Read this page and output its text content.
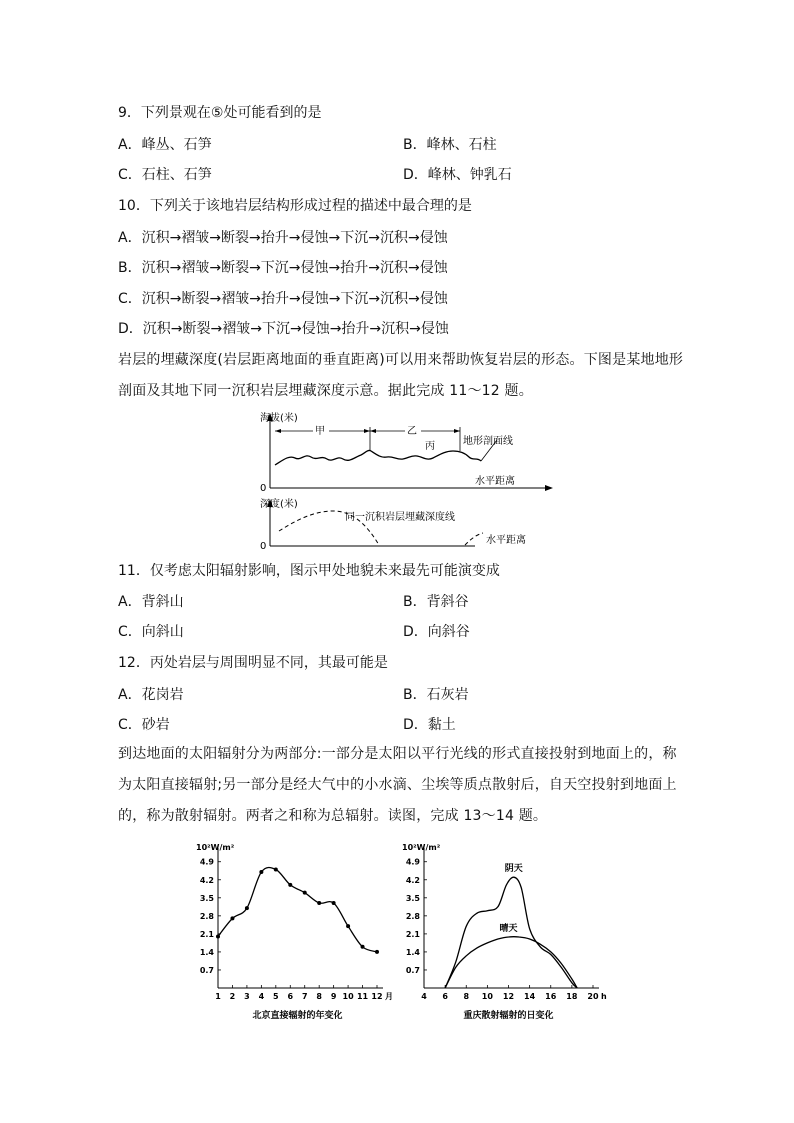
9．下列景观在⑤处可能看到的是
A．峰丛、石笋	B．峰林、石柱
C．石柱、石笋	D．峰林、钟乳石
10．下列关于该地岩层结构形成过程的描述中最合理的是
A．沉积→褶皱→断裂→抬升→侵蚀→下沉→沉积→侵蚀
B．沉积→褶皱→断裂→下沉→侵蚀→抬升→沉积→侵蚀
C．沉积→断裂→褶皱→抬升→侵蚀→下沉→沉积→侵蚀
D．沉积→断裂→褶皱→下沉→侵蚀→抬升→沉积→侵蚀
岩层的埋藏深度(岩层距离地面的垂直距离)可以用来帮助恢复岩层的形态。下图是某地地形剖面及其地下同一沉积岩层埋藏深度示意。据此完成 11～12 题。
海拔(米)
0
甲	乙
丙	地形剖面线
水平距离
深度(米)
0
同一沉积岩层埋藏深度线
水平距离
11．仅考虑太阳辐射影响，图示甲处地貌未来最先可能演变成
A．背斜山	B．背斜谷
C．向斜山	D．向斜谷
12．丙处岩层与周围明显不同，其最可能是
A．花岗岩	B．石灰岩
C．砂岩	D．黏土
到达地面的太阳辐射分为两部分:一部分是太阳以平行光线的形式直接投射到地面上的，称为太阳直接辐射;另一部分是经大气中的小水滴、尘埃等质点散射后，自天空投射到地面上的，称为散射辐射。两者之和称为总辐射。读图，完成 13～14 题。
10²W/m²
0.7
1.4
2.1
2.8
3.5
4.2
4.9
1 2 3 4 5 6 7 8 9 10 11 12 月
北京直接辐射的年变化
10²W/m²
0.7
1.4
2.1
2.8
3.5
4.2
4.9
4 6 8 10 12 14 16 18 20 h
重庆散射辐射的日变化
阴天
晴天
